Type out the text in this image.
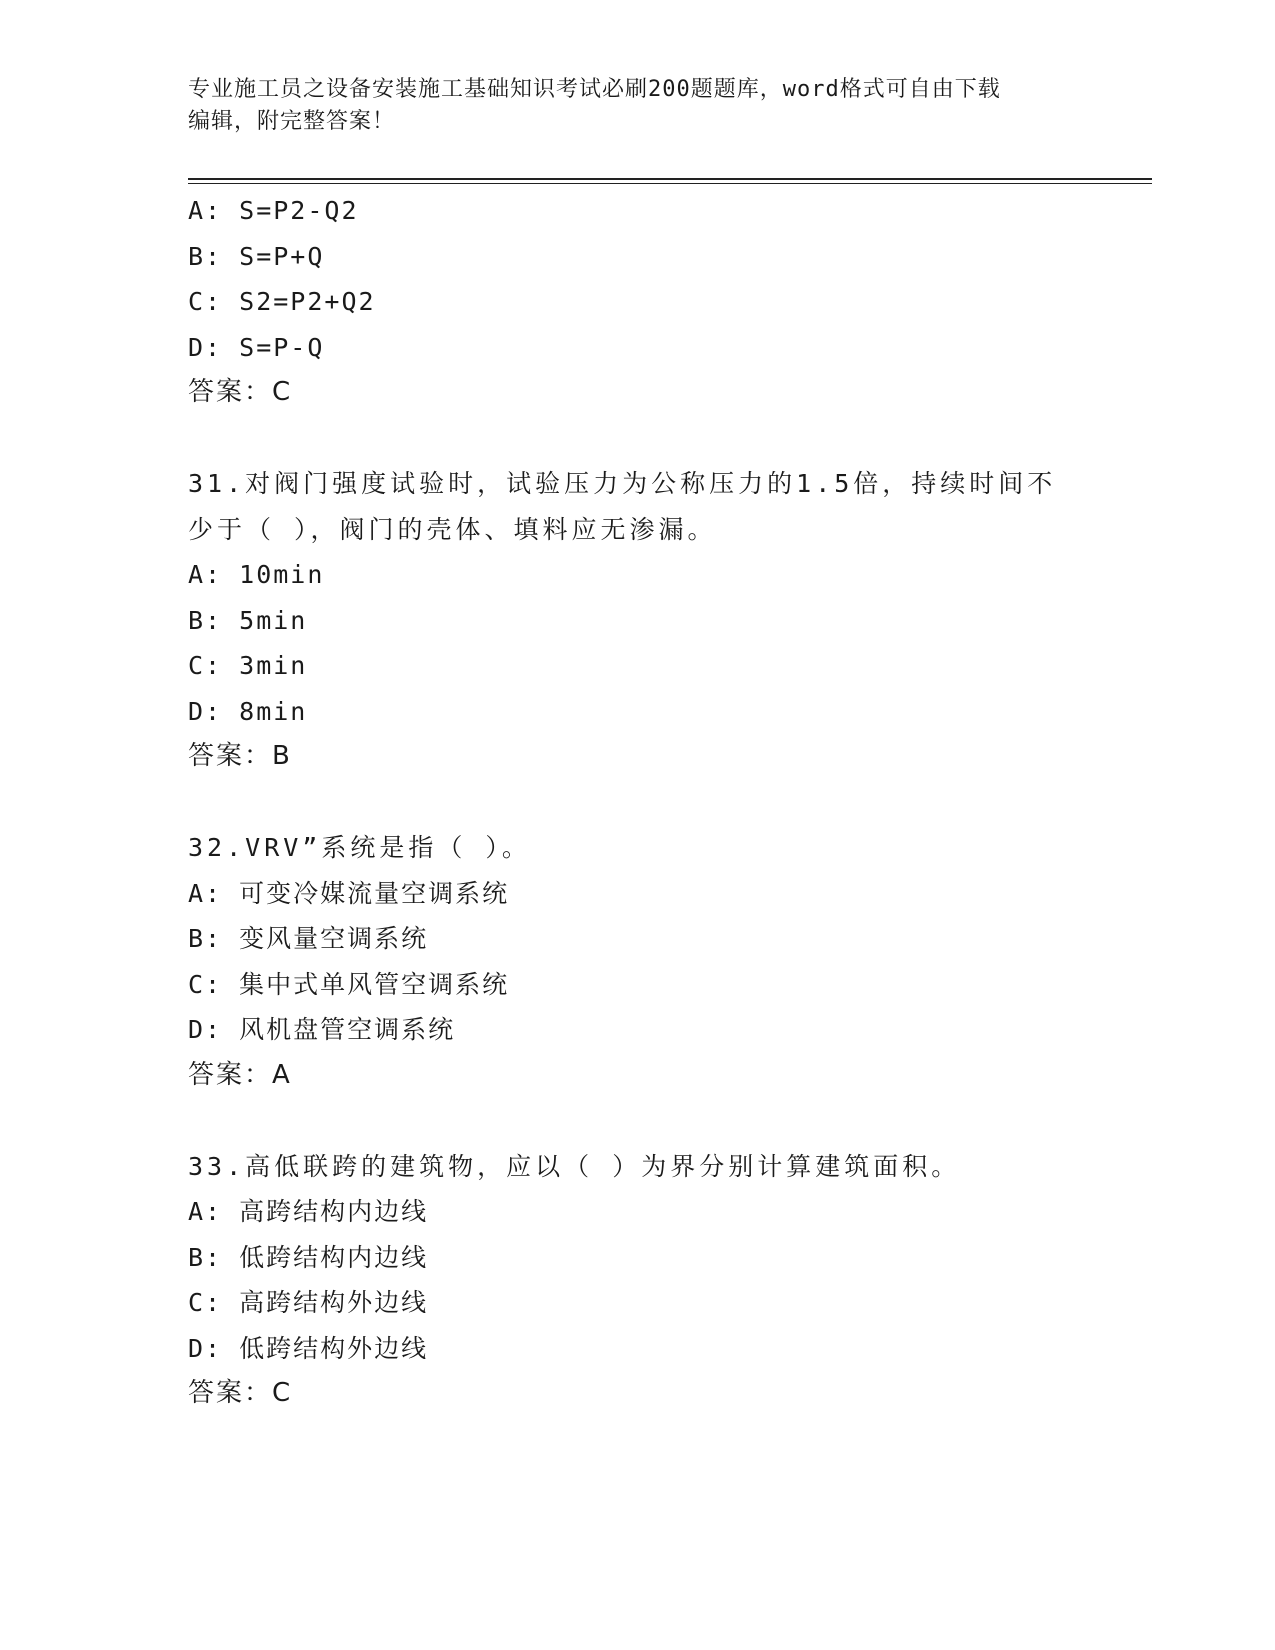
专业施工员之设备安装施工基础知识考试必刷200题题库，word格式可自由下载
编辑，附完整答案！
A: S=P2-Q2
B: S=P+Q
C: S2=P2+Q2
D: S=P-Q
答案：C
31.对阀门强度试验时，试验压力为公称压力的1.5倍，持续时间不少于（ ），阀门的壳体、填料应无渗漏。
A: 10min
B: 5min
C: 3min
D: 8min
答案：B
32.VRV”系统是指（ ）。
A: 可变冷媒流量空调系统
B: 变风量空调系统
C: 集中式单风管空调系统
D: 风机盘管空调系统
答案：A
33.高低联跨的建筑物，应以（ ）为界分别计算建筑面积。
A: 高跨结构内边线
B: 低跨结构内边线
C: 高跨结构外边线
D: 低跨结构外边线
答案：C
